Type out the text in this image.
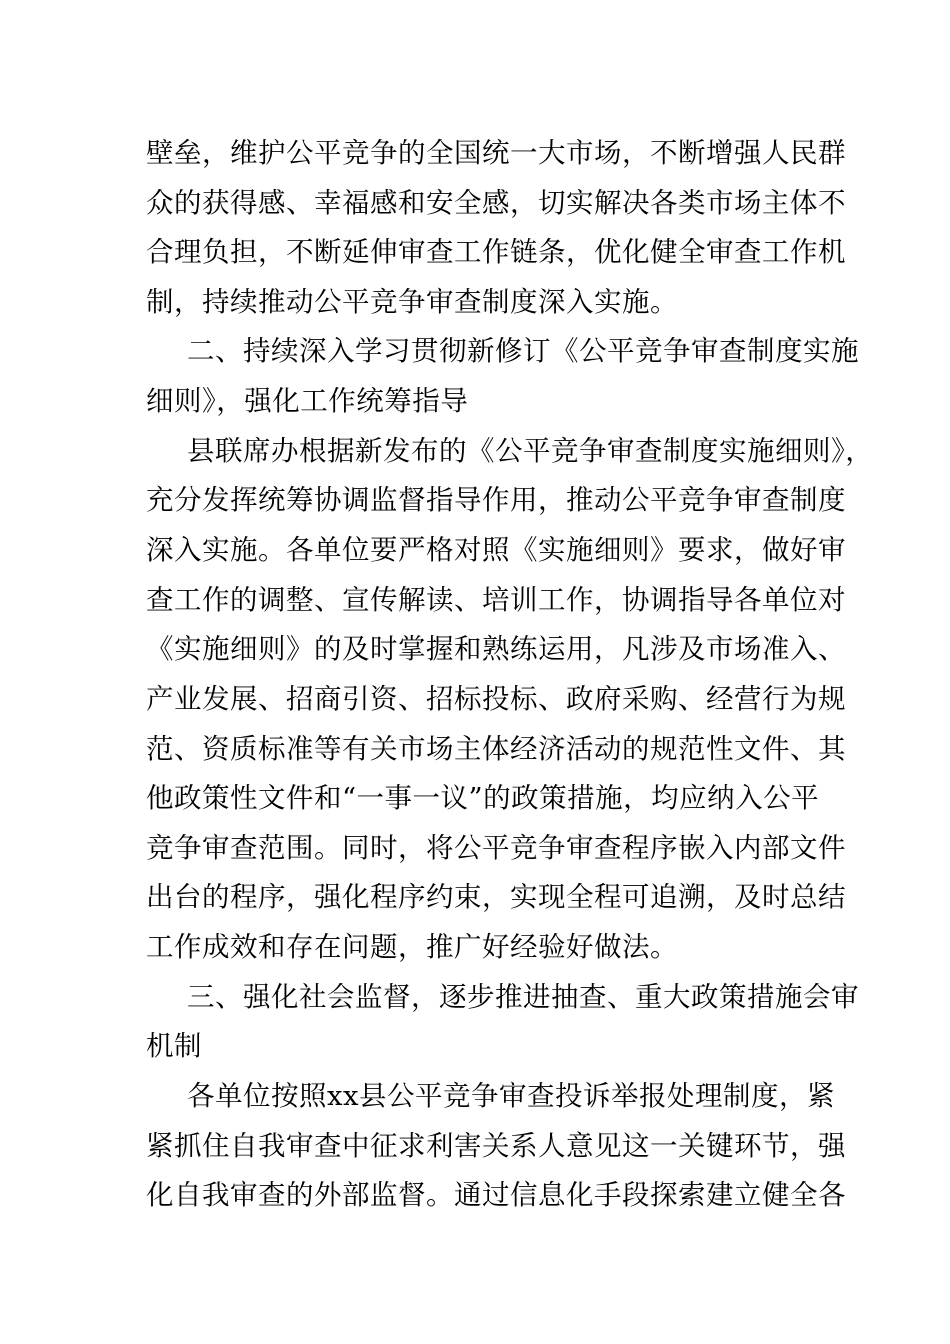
壁垒，维护公平竞争的全国统一大市场，不断增强人民群
众的获得感、幸福感和安全感，切实解决各类市场主体不
合理负担，不断延伸审查工作链条，优化健全审查工作机
制，持续推动公平竞争审查制度深入实施。
二、持续深入学习贯彻新修订《公平竞争审查制度实施
细则》，强化工作统筹指导
县联席办根据新发布的《公平竞争审查制度实施细则》，
充分发挥统筹协调监督指导作用，推动公平竞争审查制度
深入实施。各单位要严格对照《实施细则》要求，做好审
查工作的调整、宣传解读、培训工作，协调指导各单位对
《实施细则》的及时掌握和熟练运用，凡涉及市场准入、
产业发展、招商引资、招标投标、政府采购、经营行为规
范、资质标准等有关市场主体经济活动的规范性文件、其
他政策性文件和“一事一议”的政策措施，均应纳入公平
竞争审查范围。同时，将公平竞争审查程序嵌入内部文件
出台的程序，强化程序约束，实现全程可追溯，及时总结
工作成效和存在问题，推广好经验好做法。
三、强化社会监督，逐步推进抽查、重大政策措施会审
机制
各单位按照xx县公平竞争审查投诉举报处理制度，紧
紧抓住自我审查中征求利害关系人意见这一关键环节，强
化自我审查的外部监督。通过信息化手段探索建立健全各
